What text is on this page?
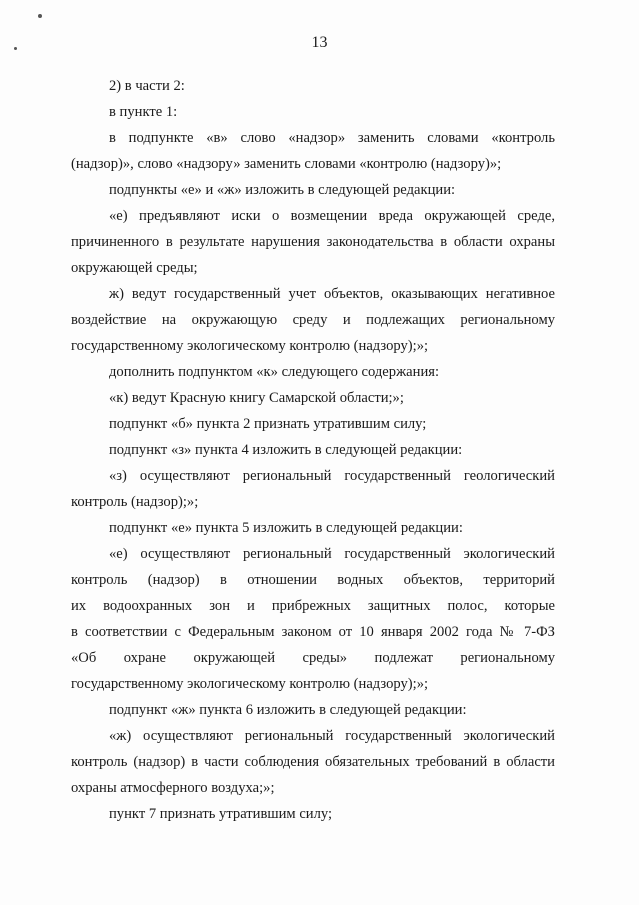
13
2) в части 2:
в пункте 1:
в подпункте «в» слово «надзор» заменить словами «контроль
(надзор)», слово «надзору» заменить словами «контролю (надзору)»;
подпункты «е» и «ж» изложить в следующей редакции:
«е) предъявляют иски о возмещении вреда окружающей среде,
причиненного в результате нарушения законодательства в области охраны
окружающей среды;
ж) ведут государственный учет объектов, оказывающих негативное
воздействие на окружающую среду и подлежащих региональному
государственному экологическому контролю (надзору);»;
дополнить подпунктом «к» следующего содержания:
«к) ведут Красную книгу Самарской области;»;
подпункт «б» пункта 2 признать утратившим силу;
подпункт «з» пункта 4 изложить в следующей редакции:
«з) осуществляют региональный государственный геологический
контроль (надзор);»;
подпункт «е» пункта 5 изложить в следующей редакции:
«е) осуществляют региональный государственный экологический
контроль (надзор) в отношении водных объектов, территорий
их водоохранных зон и прибрежных защитных полос, которые
в соответствии с Федеральным законом от 10 января 2002 года № 7-ФЗ
«Об охране окружающей среды» подлежат региональному
государственному экологическому контролю (надзору);»;
подпункт «ж» пункта 6 изложить в следующей редакции:
«ж) осуществляют региональный государственный экологический
контроль (надзор) в части соблюдения обязательных требований в области
охраны атмосферного воздуха;»;
пункт 7 признать утратившим силу;
